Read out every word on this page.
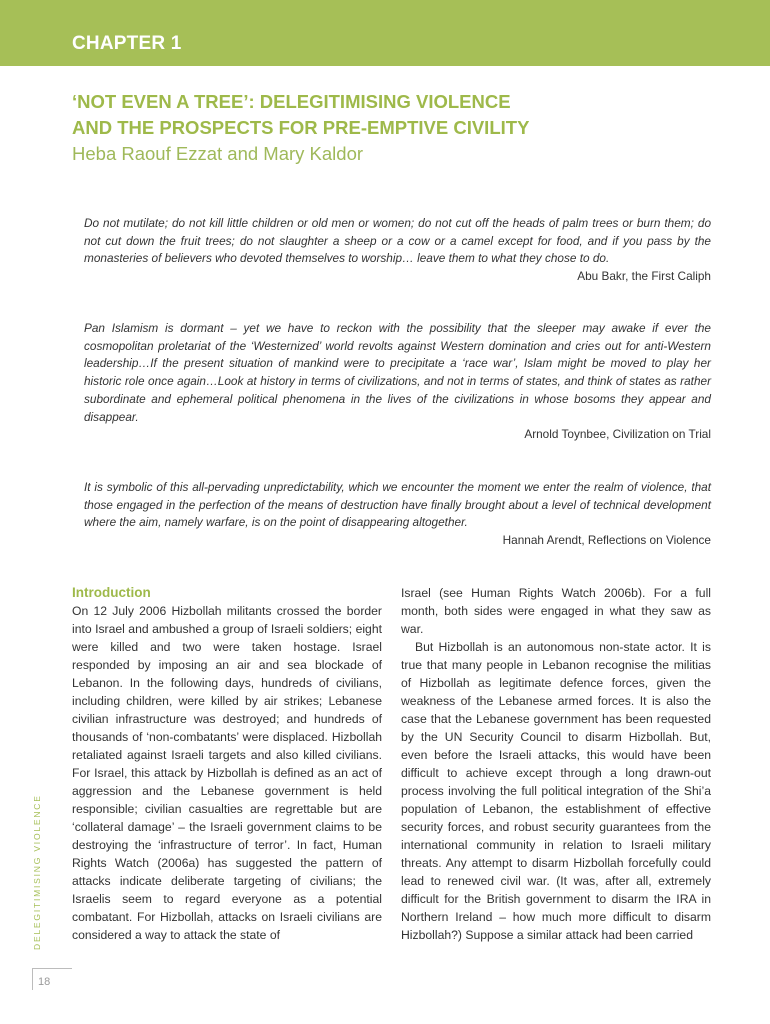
CHAPTER 1
‘NOT EVEN A TREE’: DELEGITIMISING VIOLENCE
AND THE PROSPECTS FOR PRE-EMPTIVE CIVILITY
Heba Raouf Ezzat and Mary Kaldor

Do not mutilate; do not kill little children or old men or women; do not cut off the heads of palm trees or burn them; do not cut down the fruit trees; do not slaughter a sheep or a cow or a camel except for food, and if you pass by the monasteries of believers who devoted themselves to worship… leave them to what they chose to do.

Abu Bakr, the First Caliph

Pan Islamism is dormant – yet we have to reckon with the possibility that the sleeper may awake if ever the cosmopolitan proletariat of the ‘Westernized’ world revolts against Western domination and cries out for anti-Western leadership…If the present situation of mankind were to precipitate a ‘race war’, Islam might be moved to play her historic role once again…Look at history in terms of civilizations, and not in terms of states, and think of states as rather subordinate and ephemeral political phenomena in the lives of the civilizations in whose bosoms they appear and disappear.

Arnold Toynbee, Civilization on Trial

It is symbolic of this all-pervading unpredictability, which we encounter the moment we enter the realm of violence, that those engaged in the perfection of the means of destruction have finally brought about a level of technical development where the aim, namely warfare, is on the point of disappearing altogether.

Hannah Arendt, Reflections on Violence

Introduction

On 12 July 2006 Hizbollah militants crossed the border into Israel and ambushed a group of Israeli soldiers; eight were killed and two were taken hostage. Israel responded by imposing an air and sea blockade of Lebanon. In the following days, hundreds of civilians, including children, were killed by air strikes; Lebanese civilian infrastructure was destroyed; and hundreds of thousands of ‘non-combatants’ were displaced. Hizbollah retaliated against Israeli targets and also killed civilians. For Israel, this attack by Hizbollah is defined as an act of aggression and the Lebanese government is held responsible; civilian casualties are regrettable but are ‘collateral damage’ – the Israeli government claims to be destroying the ‘infrastructure of terror’. In fact, Human Rights Watch (2006a) has suggested the pattern of attacks indicate deliberate targeting of civilians; the Israelis seem to regard everyone as a potential combatant. For Hizbollah, attacks on Israeli civilians are considered a way to attack the state of

Israel (see Human Rights Watch 2006b). For a full month, both sides were engaged in what they saw as war.

But Hizbollah is an autonomous non-state actor. It is true that many people in Lebanon recognise the militias of Hizbollah as legitimate defence forces, given the weakness of the Lebanese armed forces. It is also the case that the Lebanese government has been requested by the UN Security Council to disarm Hizbollah. But, even before the Israeli attacks, this would have been difficult to achieve except through a long drawn-out process involving the full political integration of the Shi’a population of Lebanon, the establishment of effective security forces, and robust security guarantees from the international community in relation to Israeli military threats. Any attempt to disarm Hizbollah forcefully could lead to renewed civil war. (It was, after all, extremely difficult for the British government to disarm the IRA in Northern Ireland – how much more difficult to disarm Hizbollah?) Suppose a similar attack had been carried

DELEGITIMISING VIOLENCE
18
